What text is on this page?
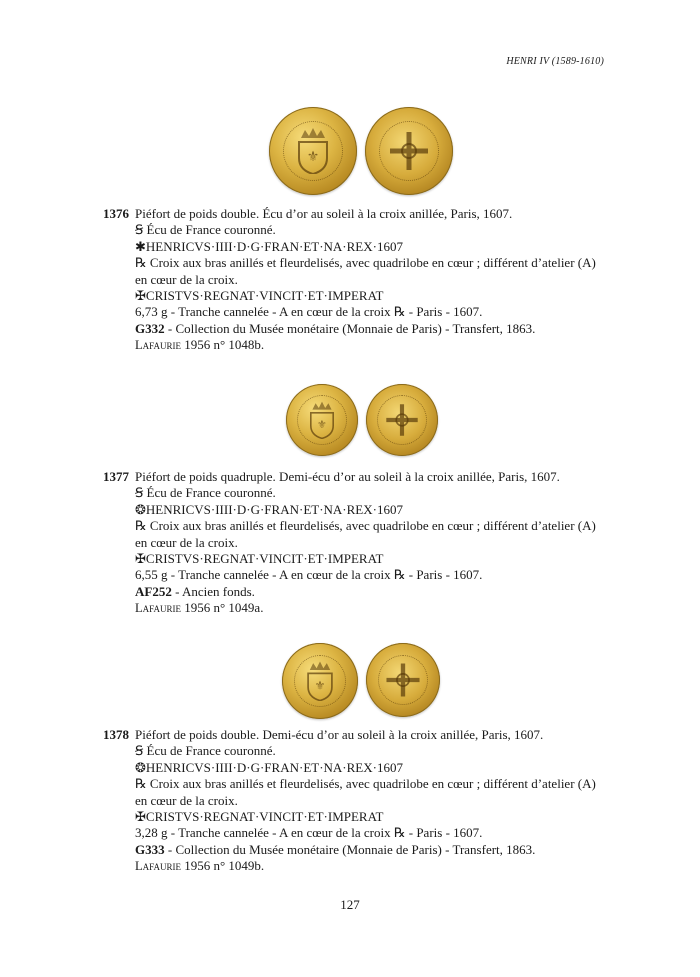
HENRI IV (1589-1610)
⚜
1376 Piéfort de poids double. Écu d’or au soleil à la croix anillée, Paris, 1607.
Ꞩ Écu de France couronné.
✱HENRICVS·IIII·D·G·FRAN·ET·NA·REX·1607
℞ Croix aux bras anillés et fleurdelisés, avec quadrilobe en cœur ; différent d’atelier (A)
en cœur de la croix.
✠CRISTVS·REGNAT·VINCIT·ET·IMPERAT
6,73 g - Tranche cannelée - A en cœur de la croix ℞ - Paris - 1607.
G332 - Collection du Musée monétaire (Monnaie de Paris) - Transfert, 1863.
Lafaurie 1956 n° 1048b.
⚜
1377 Piéfort de poids quadruple. Demi-écu d’or au soleil à la croix anillée, Paris, 1607.
Ꞩ Écu de France couronné.
❂HENRICVS·IIII·D·G·FRAN·ET·NA·REX·1607
℞ Croix aux bras anillés et fleurdelisés, avec quadrilobe en cœur ; différent d’atelier (A)
en cœur de la croix.
✠CRISTVS·REGNAT·VINCIT·ET·IMPERAT
6,55 g - Tranche cannelée - A en cœur de la croix ℞ - Paris - 1607.
AF252 - Ancien fonds.
Lafaurie 1956 n° 1049a.
⚜
1378 Piéfort de poids double. Demi-écu d’or au soleil à la croix anillée, Paris, 1607.
Ꞩ Écu de France couronné.
❂HENRICVS·IIII·D·G·FRAN·ET·NA·REX·1607
℞ Croix aux bras anillés et fleurdelisés, avec quadrilobe en cœur ; différent d’atelier (A)
en cœur de la croix.
✠CRISTVS·REGNAT·VINCIT·ET·IMPERAT
3,28 g - Tranche cannelée - A en cœur de la croix ℞ - Paris - 1607.
G333 - Collection du Musée monétaire (Monnaie de Paris) - Transfert, 1863.
Lafaurie 1956 n° 1049b.
127
